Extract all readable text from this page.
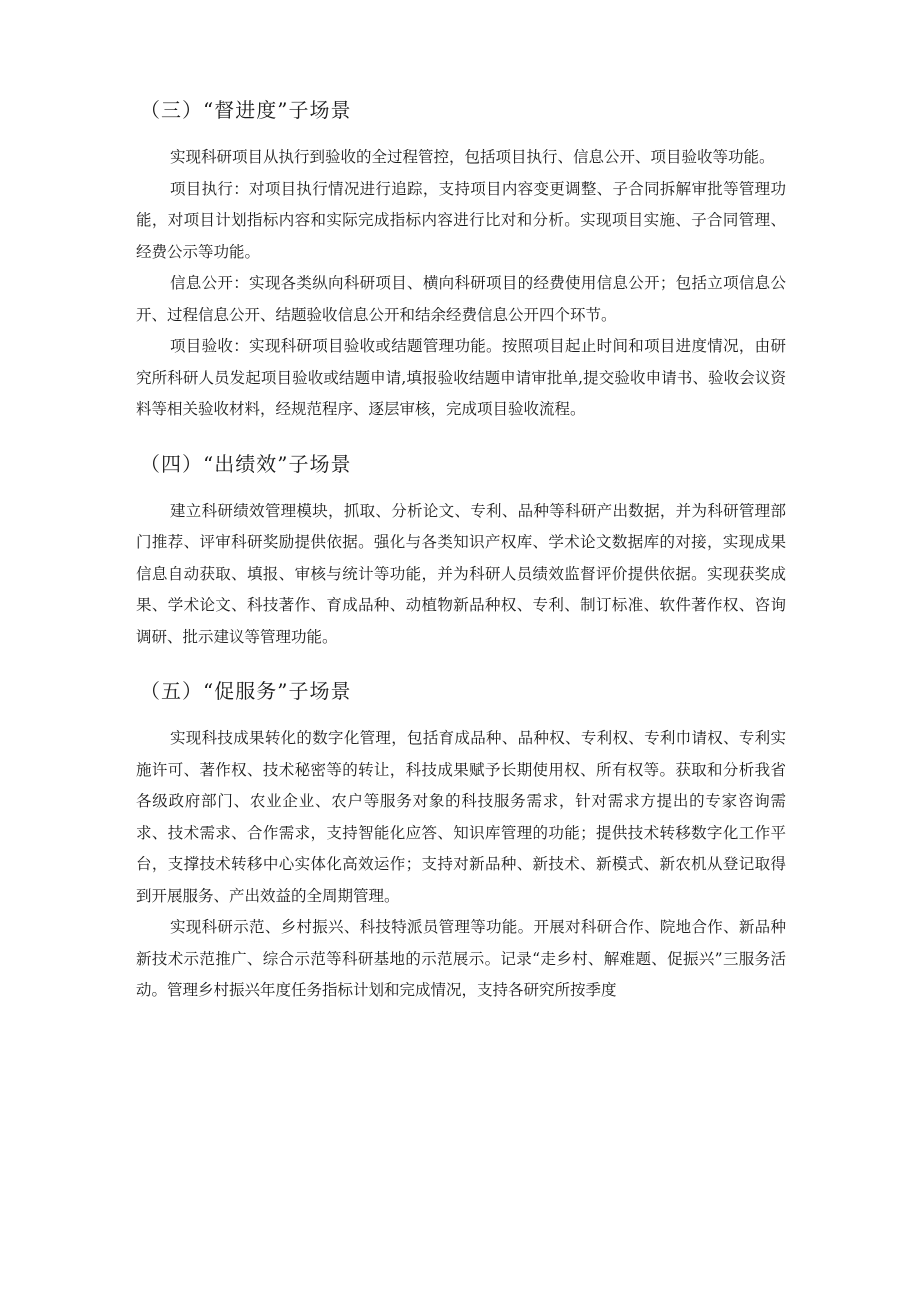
（三）“督进度”子场景

实现科研项目从执行到验收的全过程管控，包括项目执行、信息公开、项目验收等功能。

项目执行：对项目执行情况进行追踪，支持项目内容变更调整、子合同拆解审批等管理功能，对项目计划指标内容和实际完成指标内容进行比对和分析。实现项目实施、子合同管理、经费公示等功能。

信息公开：实现各类纵向科研项目、横向科研项目的经费使用信息公开；包括立项信息公开、过程信息公开、结题验收信息公开和结余经费信息公开四个环节。

项目验收：实现科研项目验收或结题管理功能。按照项目起止时间和项目进度情况，由研究所科研人员发起项目验收或结题申请,填报验收结题申请审批单,提交验收申请书、验收会议资料等相关验收材料，经规范程序、逐层审核，完成项目验收流程。

（四）“出绩效”子场景

建立科研绩效管理模块，抓取、分析论文、专利、品种等科研产出数据，并为科研管理部门推荐、评审科研奖励提供依据。强化与各类知识产权库、学术论文数据库的对接，实现成果信息自动获取、填报、审核与统计等功能，并为科研人员绩效监督评价提供依据。实现获奖成果、学术论文、科技著作、育成品种、动植物新品种权、专利、制订标准、软件著作权、咨询调研、批示建议等管理功能。

（五）“促服务”子场景

实现科技成果转化的数字化管理，包括育成品种、品种权、专利权、专利巾请权、专利实施许可、著作权、技术秘密等的转让，科技成果赋予长期使用权、所有权等。获取和分析我省各级政府部门、农业企业、农户等服务对象的科技服务需求，针对需求方提出的专家咨询需求、技术需求、合作需求，支持智能化应答、知识库管理的功能；提供技术转移数字化工作平台，支撑技术转移中心实体化高效运作；支持对新品种、新技术、新模式、新农机从登记取得到开展服务、产出效益的全周期管理。

实现科研示范、乡村振兴、科技特派员管理等功能。开展对科研合作、院地合作、新品种新技术示范推广、综合示范等科研基地的示范展示。记录“走乡村、解难题、促振兴”三服务活动。管理乡村振兴年度任务指标计划和完成情况，支持各研究所按季度
